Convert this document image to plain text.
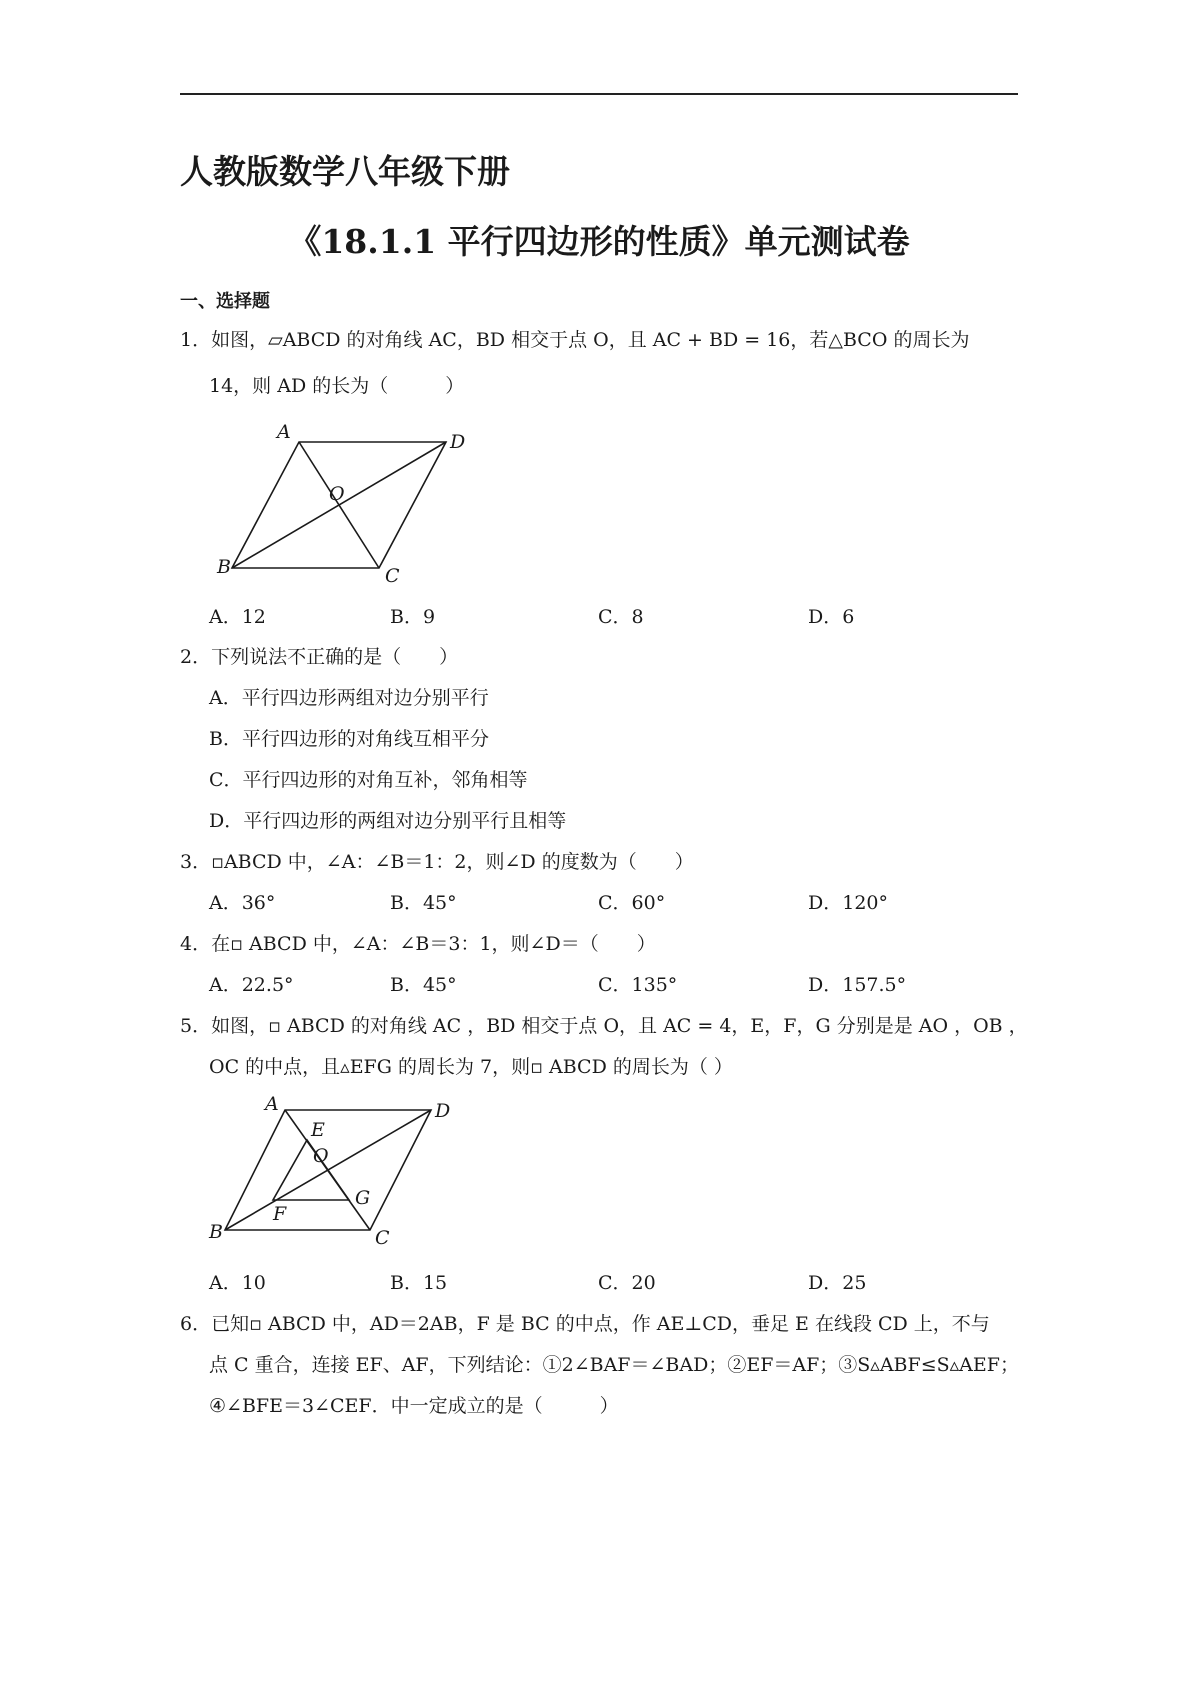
人教版数学八年级下册
《18.1.1 平行四边形的性质》单元测试卷
一、选择题
1．如图，▱ABCD 的对角线 AC，BD 相交于点 O，且 AC + BD = 16，若△BCO 的周长为
14，则 AD 的长为（　　　）
A	D
B	C
O
A．12	B．9	C．8	D．6
2．下列说法不正确的是（　　）
A．平行四边形两组对边分别平行
B．平行四边形的对角线互相平分
C．平行四边形的对角互补，邻角相等
D．平行四边形的两组对边分别平行且相等
3．▫ABCD 中，∠A：∠B＝1：2，则∠D 的度数为（　　）
A．36°	B．45°	C．60°	D．120°
4．在▫ ABCD 中，∠A：∠B＝3：1，则∠D＝（　　）
A．22.5°	B．45°	C．135°	D．157.5°
5．如图，▫ ABCD 的对角线 AC ，BD 相交于点 O，且 AC = 4，E，F，G 分别是是 AO ，OB ，
OC 的中点，且▵EFG 的周长为 7，则▫ ABCD 的周长为（ ）
A	D
B	C
O
E
F
G
A．10	B．15	C．20	D．25
6．已知▫ ABCD 中，AD＝2AB，F 是 BC 的中点，作 AE⊥CD，垂足 E 在线段 CD 上，不与
点 C 重合，连接 EF、AF，下列结论：①2∠BAF＝∠BAD；②EF＝AF；③S▵ABF≤S▵AEF；
④∠BFE＝3∠CEF．中一定成立的是（　　　）
